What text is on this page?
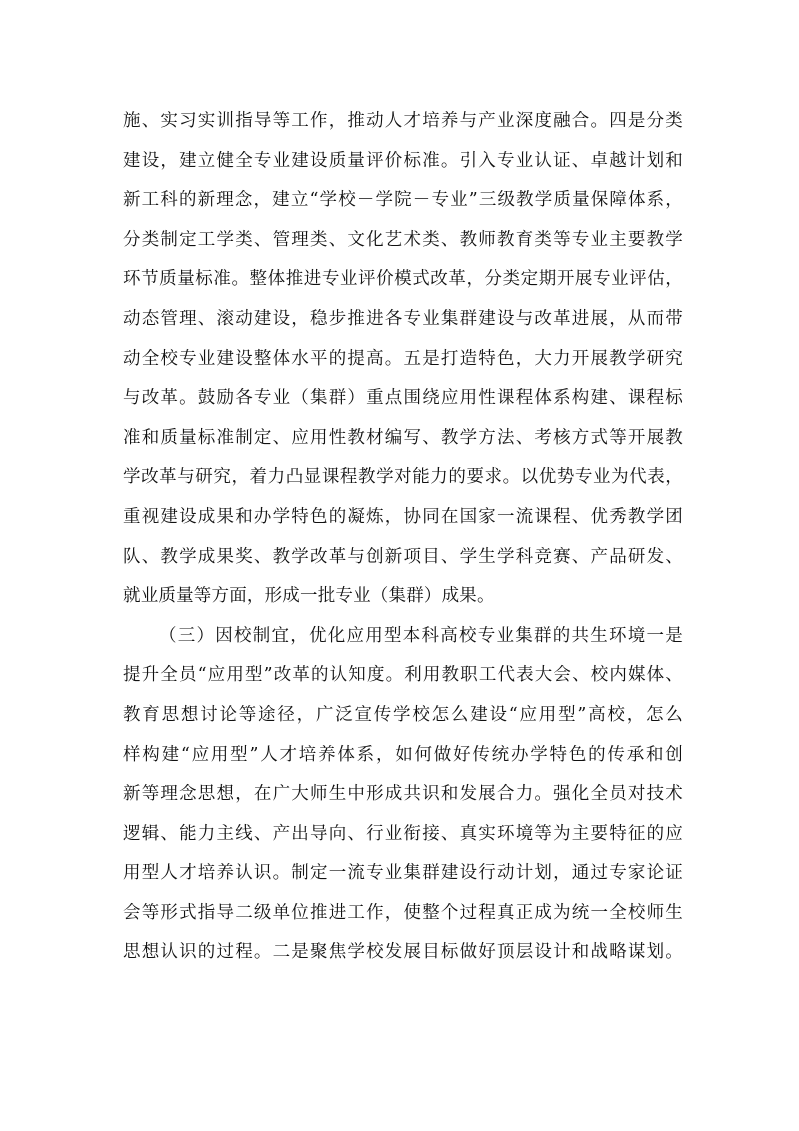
施、实习实训指导等工作，推动人才培养与产业深度融合。四是分类
建设，建立健全专业建设质量评价标准。引入专业认证、卓越计划和
新工科的新理念，建立“学校－学院－专业”三级教学质量保障体系，
分类制定工学类、管理类、文化艺术类、教师教育类等专业主要教学
环节质量标准。整体推进专业评价模式改革，分类定期开展专业评估，
动态管理、滚动建设，稳步推进各专业集群建设与改革进展，从而带
动全校专业建设整体水平的提高。五是打造特色，大力开展教学研究
与改革。鼓励各专业（集群）重点围绕应用性课程体系构建、课程标
准和质量标准制定、应用性教材编写、教学方法、考核方式等开展教
学改革与研究，着力凸显课程教学对能力的要求。以优势专业为代表，
重视建设成果和办学特色的凝炼，协同在国家一流课程、优秀教学团
队、教学成果奖、教学改革与创新项目、学生学科竞赛、产品研发、
就业质量等方面，形成一批专业（集群）成果。
（三）因校制宜，优化应用型本科高校专业集群的共生环境一是
提升全员“应用型”改革的认知度。利用教职工代表大会、校内媒体、
教育思想讨论等途径，广泛宣传学校怎么建设“应用型”高校，怎么
样构建“应用型”人才培养体系，如何做好传统办学特色的传承和创
新等理念思想，在广大师生中形成共识和发展合力。强化全员对技术
逻辑、能力主线、产出导向、行业衔接、真实环境等为主要特征的应
用型人才培养认识。制定一流专业集群建设行动计划，通过专家论证
会等形式指导二级单位推进工作，使整个过程真正成为统一全校师生
思想认识的过程。二是聚焦学校发展目标做好顶层设计和战略谋划。
